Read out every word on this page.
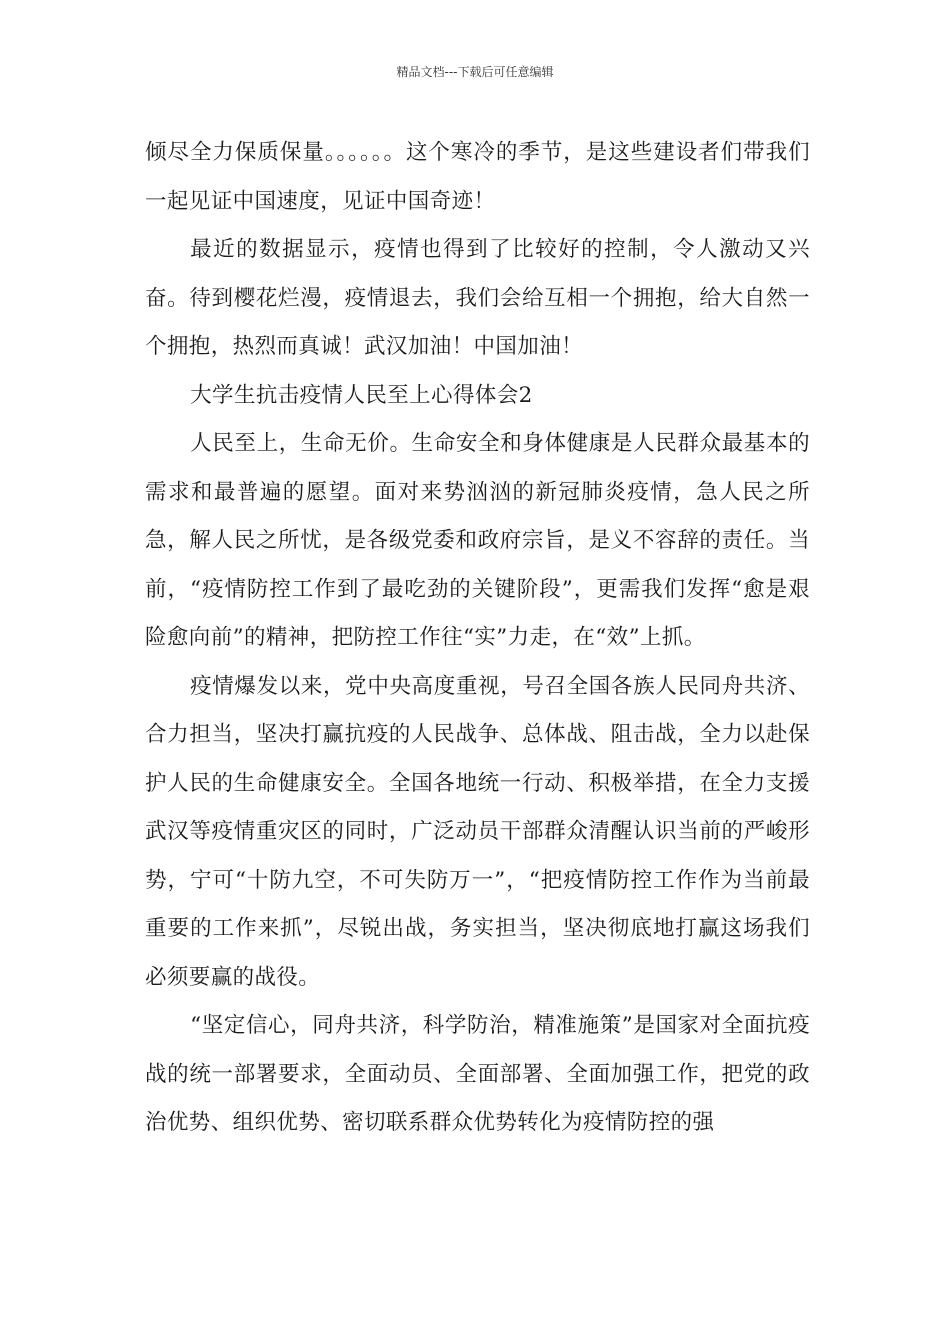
精品文档---下载后可任意编辑

倾尽全力保质保量。。。。。。这个寒冷的季节，是这些建设者们带我们一起见证中国速度，见证中国奇迹！

最近的数据显示，疫情也得到了比较好的控制，令人激动又兴奋。待到樱花烂漫，疫情退去，我们会给互相一个拥抱，给大自然一个拥抱，热烈而真诚！武汉加油！中国加油！

大学生抗击疫情人民至上心得体会2

人民至上，生命无价。生命安全和身体健康是人民群众最基本的需求和最普遍的愿望。面对来势汹汹的新冠肺炎疫情，急人民之所急，解人民之所忧，是各级党委和政府宗旨，是义不容辞的责任。当前，“疫情防控工作到了最吃劲的关键阶段”，更需我们发挥“愈是艰险愈向前”的精神，把防控工作往“实”力走，在“效”上抓。

疫情爆发以来，党中央高度重视，号召全国各族人民同舟共济、合力担当，坚决打赢抗疫的人民战争、总体战、阻击战，全力以赴保护人民的生命健康安全。全国各地统一行动、积极举措，在全力支援武汉等疫情重灾区的同时，广泛动员干部群众清醒认识当前的严峻形势，宁可“十防九空，不可失防万一”，“把疫情防控工作作为当前最重要的工作来抓”，尽锐出战，务实担当，坚决彻底地打赢这场我们必须要赢的战役。

“坚定信心，同舟共济，科学防治，精准施策”是国家对全面抗疫战的统一部署要求，全面动员、全面部署、全面加强工作，把党的政治优势、组织优势、密切联系群众优势转化为疫情防控的强
